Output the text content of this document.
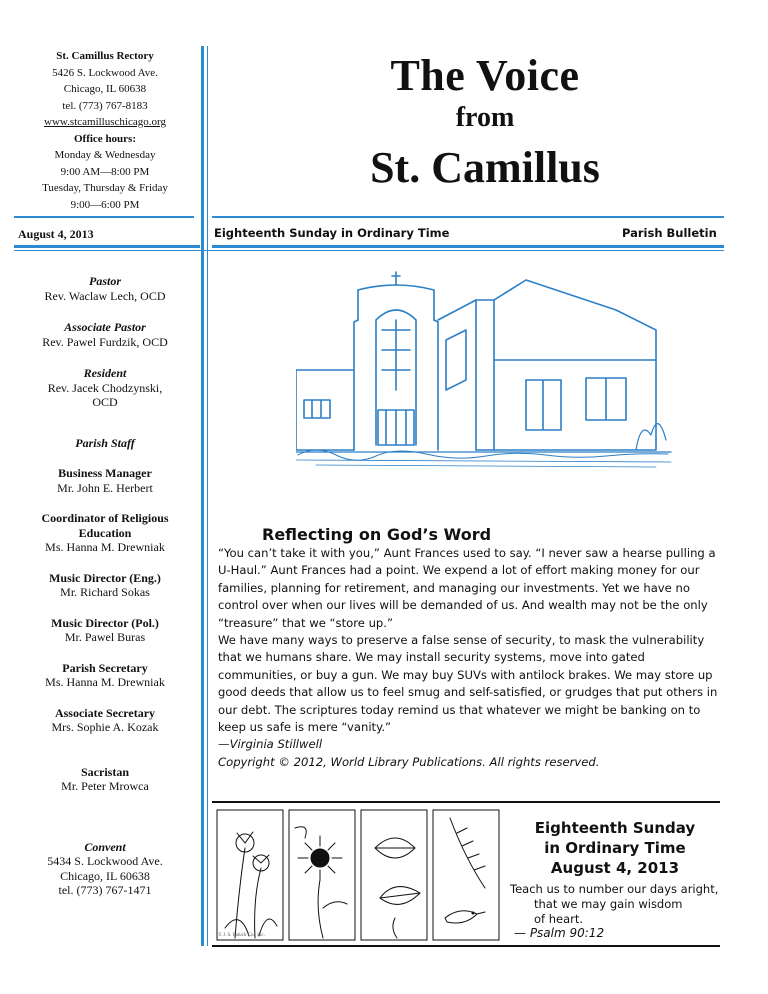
St. Camillus Rectory
5426 S. Lockwood Ave.
Chicago, IL 60638
tel. (773) 767-8183
www.stcamilluschicago.org
Office hours:
Monday & Wednesday
9:00 AM—8:00 PM
Tuesday, Thursday & Friday
9:00—6:00 PM
The Voice
from
St. Camillus
August 4, 2013	Eighteenth Sunday in Ordinary Time	Parish Bulletin
Pastor
Rev. Waclaw Lech, OCD
Associate Pastor
Rev. Pawel Furdzik, OCD
Resident
Rev. Jacek Chodzynski,
OCD
Parish Staff
Business Manager
Mr. John E. Herbert
Coordinator of Religious
Education
Ms. Hanna M. Drewniak
Music Director (Eng.)
Mr. Richard Sokas
Music Director (Pol.)
Mr. Pawel Buras
Parish Secretary
Ms. Hanna M. Drewniak
Associate Secretary
Mrs. Sophie A. Kozak
Sacristan
Mr. Peter Mrowca
Convent
5434 S. Lockwood Ave.
Chicago, IL 60638
tel. (773) 767-1471
Reflecting on God’s Word

“You can’t take it with you,” Aunt Frances used to say. “I never saw a hearse pulling a U-Haul.” Aunt Frances had a point. We expend a lot of effort making money for our families, planning for retirement, and managing our investments. Yet we have no control over when our lives will be demanded of us. And wealth may not be the only “treasure” that we “store up.”

We have many ways to preserve a false sense of security, to mask the vulnerability that we humans share. We may install security systems, move into gated communities, or buy a gun. We may buy SUVs with antilock brakes. We may store up good deeds that allow us to feel smug and self-satisfied, or grudges that put others in our debt. The scriptures today remind us that whatever we might be banking on to keep us safe is mere “vanity.”

—Virginia Stillwell

Copyright © 2012, World Library Publications. All rights reserved.

© J. S. Paluch Co., Inc.
Eighteenth Sunday
in Ordinary Time
August 4, 2013
Teach us to number our days aright,
that we may gain wisdom
of heart.
— Psalm 90:12
